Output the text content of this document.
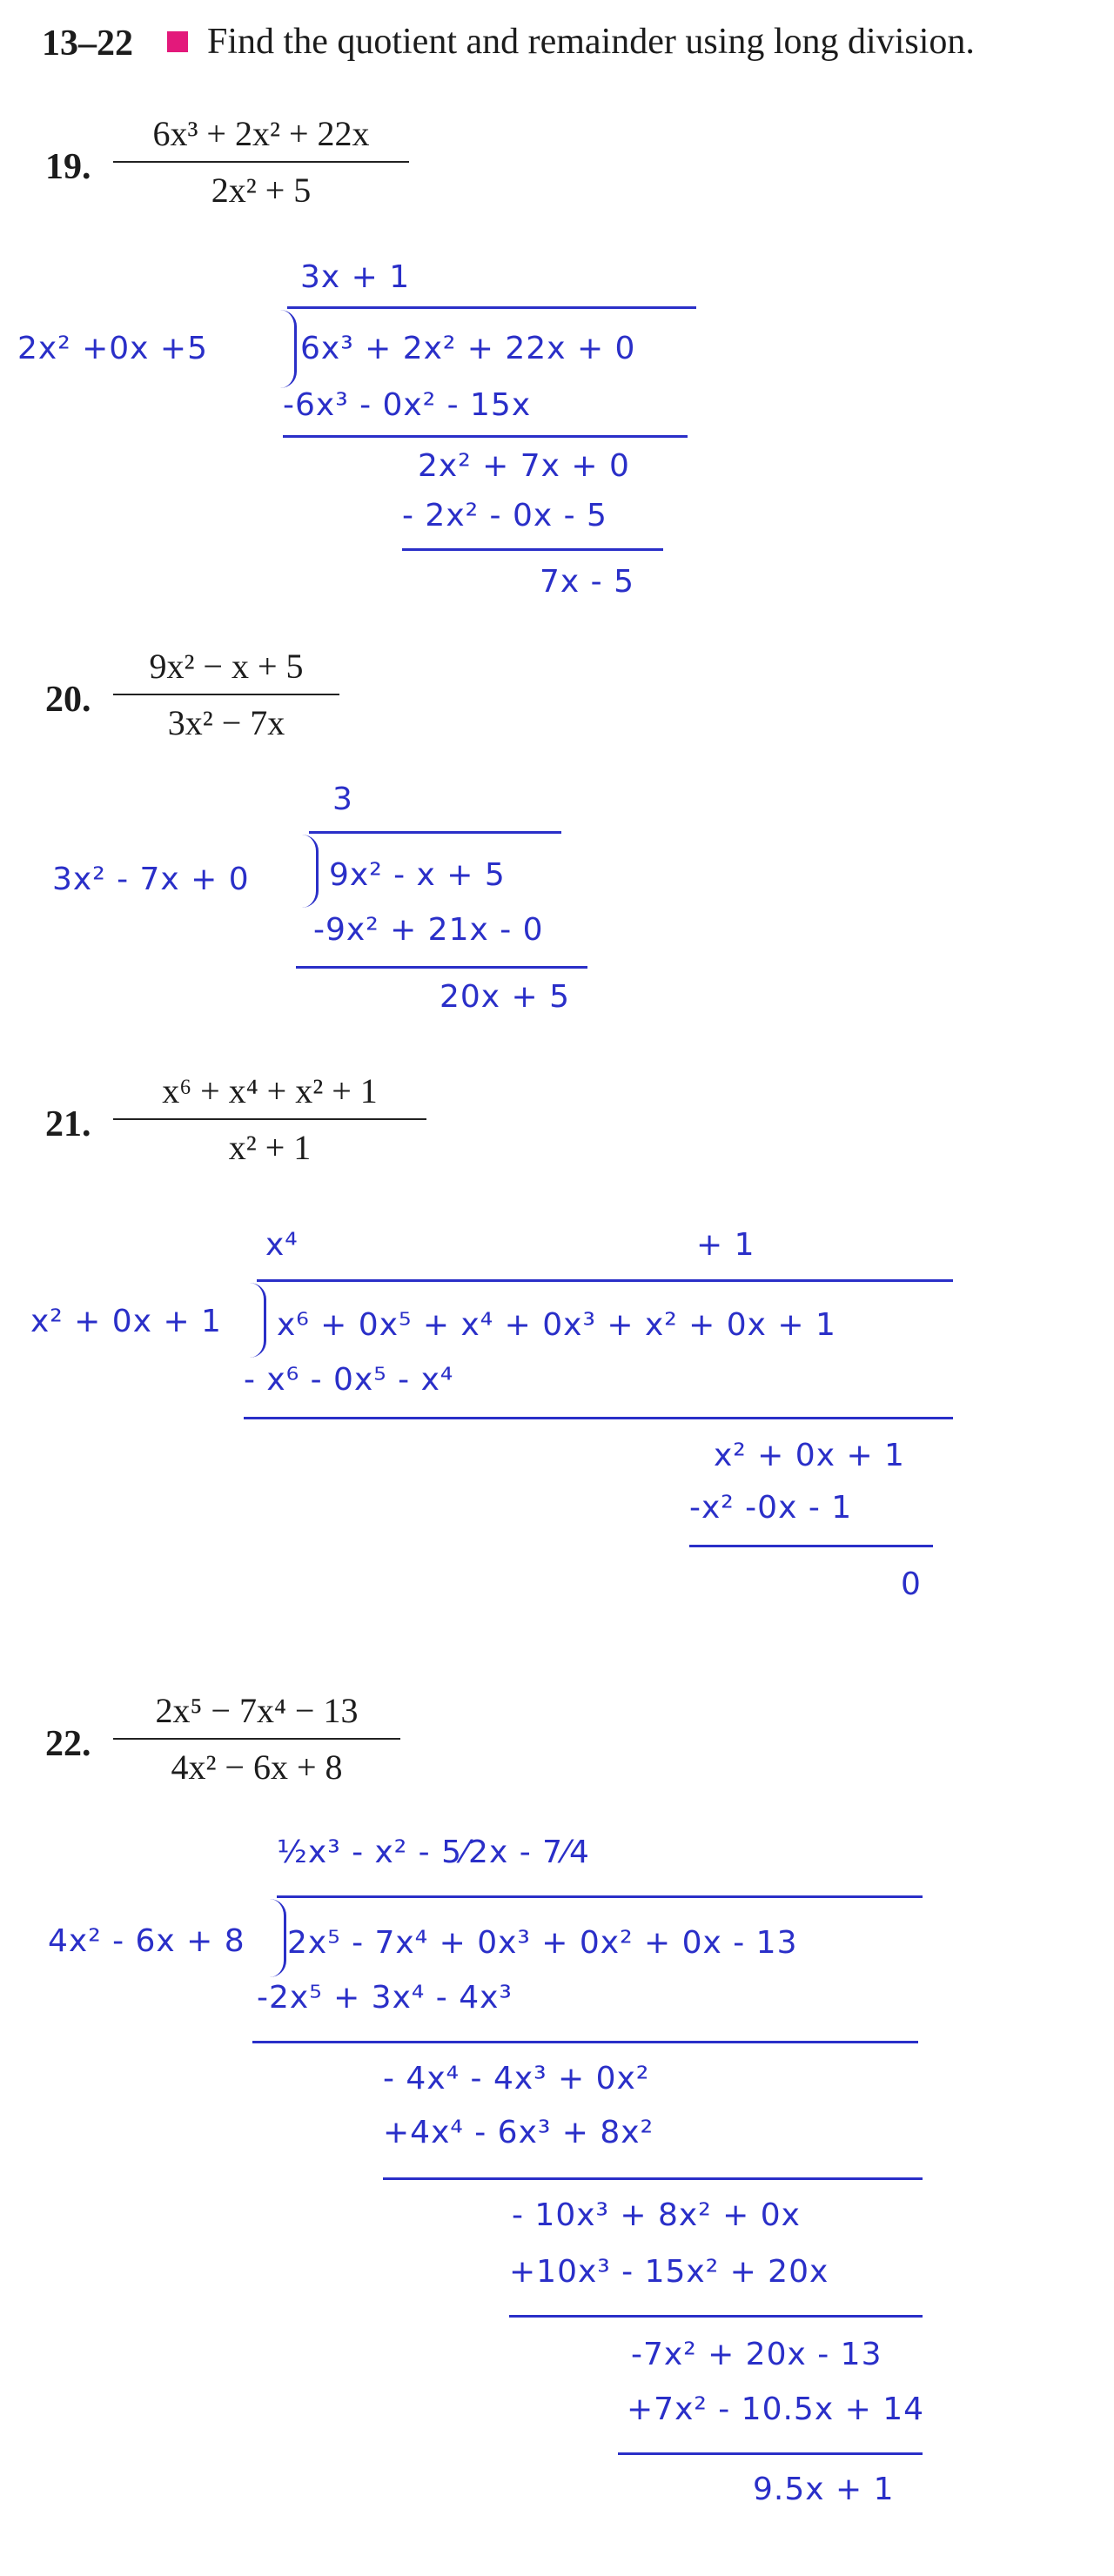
13–22 Find the quotient and remainder using long division.
19.
6x³ + 2x² + 22x
2x² + 5
3x + 1
2x² +0x +5	6x³ + 2x² + 22x + 0
-6x³ - 0x² - 15x
2x² + 7x + 0
- 2x² - 0x - 5
7x - 5
20.
9x² − x + 5
3x² − 7x
3
3x² - 7x + 0	9x² - x + 5
-9x² + 21x - 0
20x + 5
21.
x⁶ + x⁴ + x² + 1
x² + 1
x⁴	+ 1
x² + 0x + 1 x⁶ + 0x⁵ + x⁴ + 0x³ + x² + 0x + 1
- x⁶ - 0x⁵ - x⁴
x² + 0x + 1
-x² -0x - 1
0
22.
2x⁵ − 7x⁴ − 13
4x² − 6x + 8
½x³ - x² - 5⁄2x - 7⁄4
4x² - 6x + 8 2x⁵ - 7x⁴ + 0x³ + 0x² + 0x - 13
-2x⁵ + 3x⁴ - 4x³
- 4x⁴ - 4x³ + 0x²
+4x⁴ - 6x³ + 8x²
- 10x³ + 8x² + 0x
+10x³ - 15x² + 20x
-7x² + 20x - 13
+7x² - 10.5x + 14
9.5x + 1
